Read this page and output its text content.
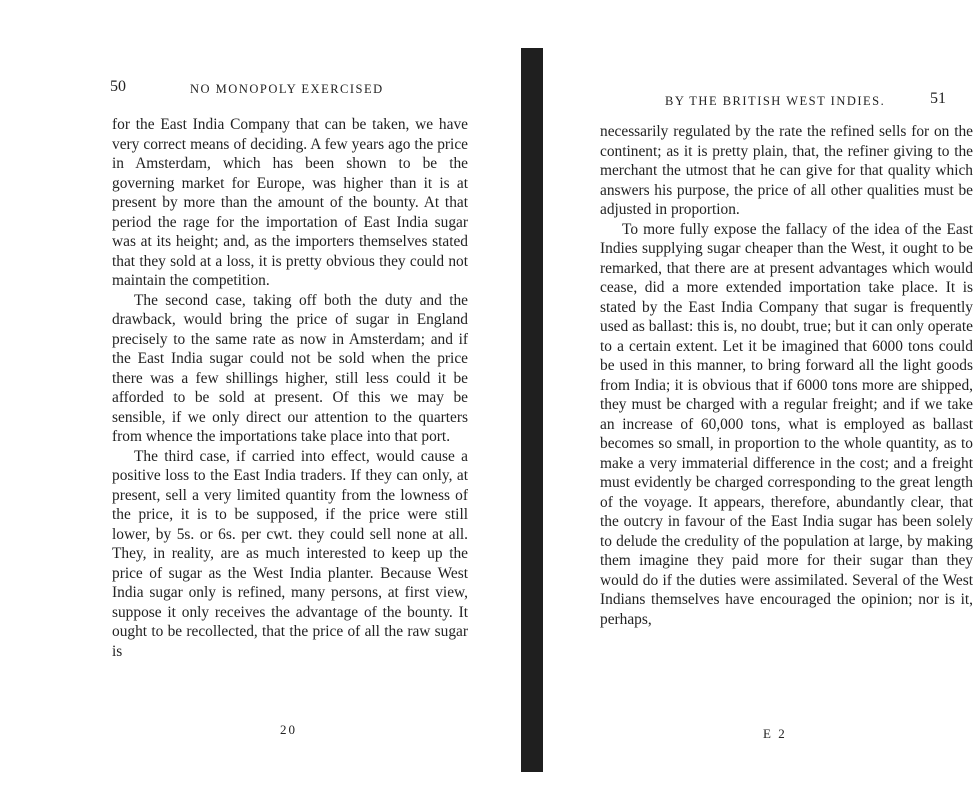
50	NO MONOPOLY EXERCISED

for the East India Company that can be taken, we have very correct means of deciding. A few years ago the price in Amsterdam, which has been shown to be the governing market for Europe, was higher than it is at present by more than the amount of the bounty. At that period the rage for the importation of East India sugar was at its height; and, as the importers themselves stated that they sold at a loss, it is pretty obvious they could not maintain the competition.

The second case, taking off both the duty and the drawback, would bring the price of sugar in England precisely to the same rate as now in Amsterdam; and if the East India sugar could not be sold when the price there was a few shillings higher, still less could it be afforded to be sold at present. Of this we may be sensible, if we only direct our attention to the quarters from whence the importations take place into that port.

The third case, if carried into effect, would cause a positive loss to the East India traders. If they can only, at present, sell a very limited quantity from the lowness of the price, it is to be supposed, if the price were still lower, by 5s. or 6s. per cwt. they could sell none at all. They, in reality, are as much interested to keep up the price of sugar as the West India planter. Because West India sugar only is refined, many persons, at first view, suppose it only receives the advantage of the bounty. It ought to be recollected, that the price of all the raw sugar is

20
BY THE BRITISH WEST INDIES.	51

necessarily regulated by the rate the refined sells for on the continent; as it is pretty plain, that, the refiner giving to the merchant the utmost that he can give for that quality which answers his purpose, the price of all other qualities must be adjusted in proportion.

To more fully expose the fallacy of the idea of the East Indies supplying sugar cheaper than the West, it ought to be remarked, that there are at present advantages which would cease, did a more extended importation take place. It is stated by the East India Company that sugar is frequently used as ballast: this is, no doubt, true; but it can only operate to a certain extent. Let it be imagined that 6000 tons could be used in this manner, to bring forward all the light goods from India; it is obvious that if 6000 tons more are shipped, they must be charged with a regular freight; and if we take an increase of 60,000 tons, what is employed as ballast becomes so small, in proportion to the whole quantity, as to make a very immaterial difference in the cost; and a freight must evidently be charged corresponding to the great length of the voyage. It appears, therefore, abundantly clear, that the outcry in favour of the East India sugar has been solely to delude the credulity of the population at large, by making them imagine they paid more for their sugar than they would do if the duties were assimilated. Several of the West Indians themselves have encouraged the opinion; nor is it, perhaps,

E 2
